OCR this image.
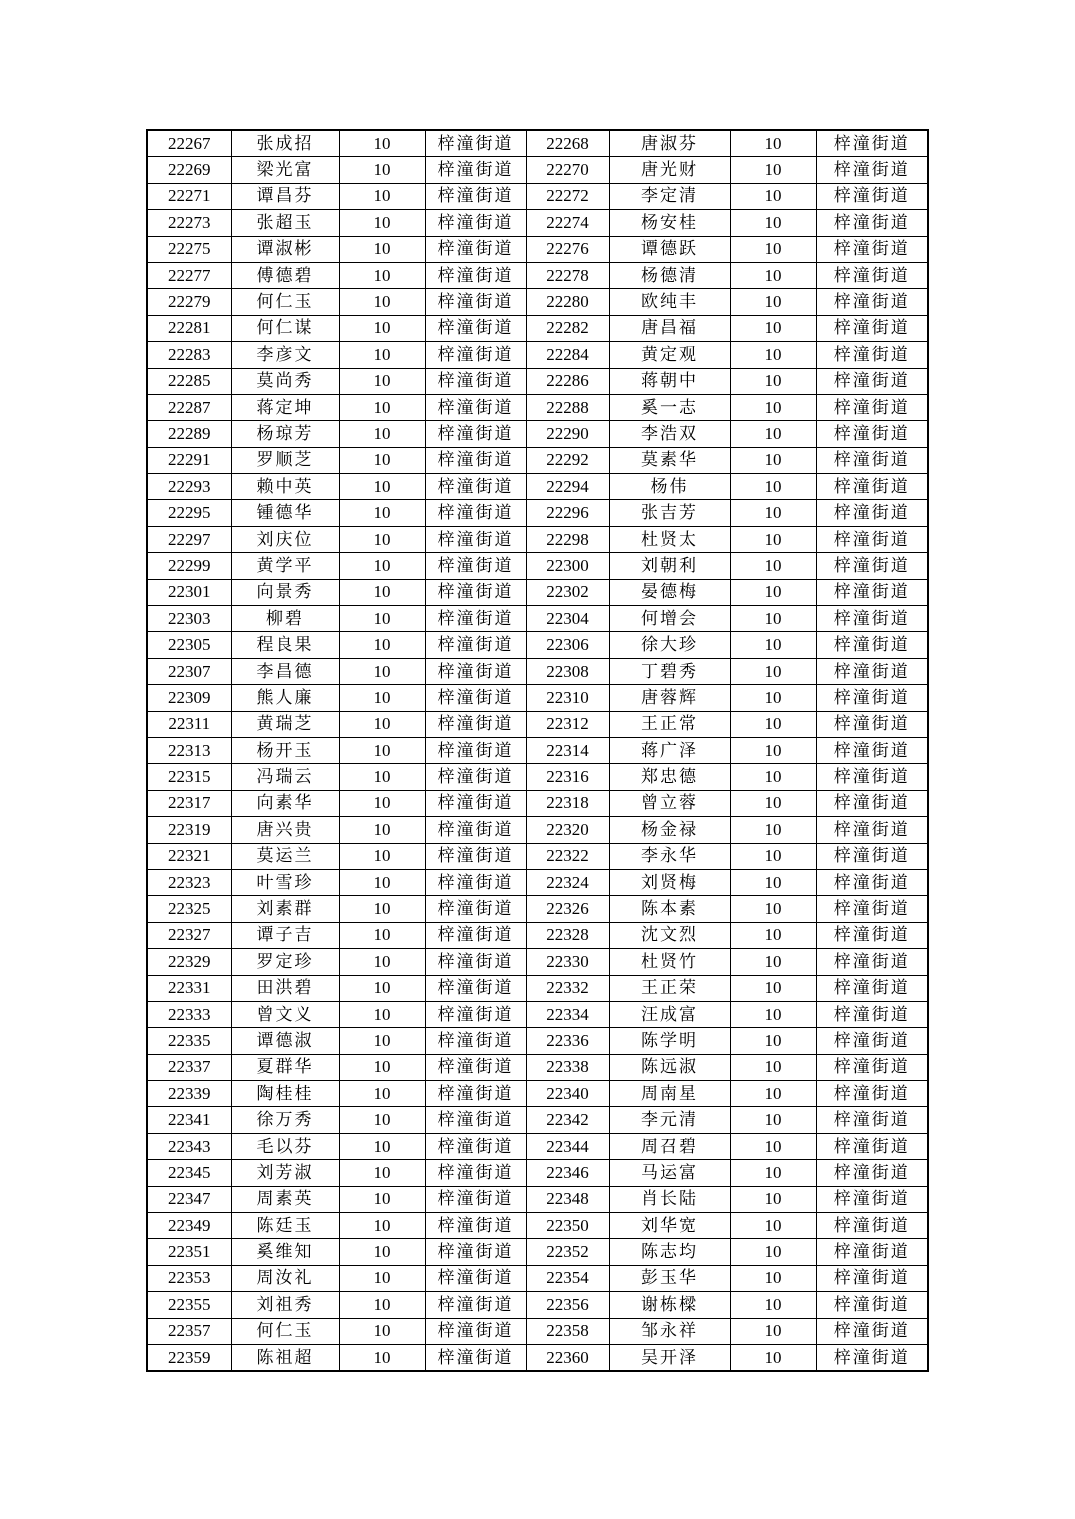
22267	张成招	10	梓潼街道	22268	唐淑芬	10	梓潼街道
22269	梁光富	10	梓潼街道	22270	唐光财	10	梓潼街道
22271	谭昌芬	10	梓潼街道	22272	李定清	10	梓潼街道
22273	张超玉	10	梓潼街道	22274	杨安桂	10	梓潼街道
22275	谭淑彬	10	梓潼街道	22276	谭德跃	10	梓潼街道
22277	傅德碧	10	梓潼街道	22278	杨德清	10	梓潼街道
22279	何仁玉	10	梓潼街道	22280	欧纯丰	10	梓潼街道
22281	何仁谋	10	梓潼街道	22282	唐昌福	10	梓潼街道
22283	李彦文	10	梓潼街道	22284	黄定观	10	梓潼街道
22285	莫尚秀	10	梓潼街道	22286	蒋朝中	10	梓潼街道
22287	蒋定坤	10	梓潼街道	22288	奚一志	10	梓潼街道
22289	杨琼芳	10	梓潼街道	22290	李浩双	10	梓潼街道
22291	罗顺芝	10	梓潼街道	22292	莫素华	10	梓潼街道
22293	赖中英	10	梓潼街道	22294	杨伟	10	梓潼街道
22295	锺德华	10	梓潼街道	22296	张吉芳	10	梓潼街道
22297	刘庆位	10	梓潼街道	22298	杜贤太	10	梓潼街道
22299	黄学平	10	梓潼街道	22300	刘朝利	10	梓潼街道
22301	向景秀	10	梓潼街道	22302	晏德梅	10	梓潼街道
22303	柳碧	10	梓潼街道	22304	何增会	10	梓潼街道
22305	程良果	10	梓潼街道	22306	徐大珍	10	梓潼街道
22307	李昌德	10	梓潼街道	22308	丁碧秀	10	梓潼街道
22309	熊人廉	10	梓潼街道	22310	唐蓉辉	10	梓潼街道
22311	黄瑞芝	10	梓潼街道	22312	王正常	10	梓潼街道
22313	杨开玉	10	梓潼街道	22314	蒋广泽	10	梓潼街道
22315	冯瑞云	10	梓潼街道	22316	郑忠德	10	梓潼街道
22317	向素华	10	梓潼街道	22318	曾立蓉	10	梓潼街道
22319	唐兴贵	10	梓潼街道	22320	杨金禄	10	梓潼街道
22321	莫运兰	10	梓潼街道	22322	李永华	10	梓潼街道
22323	叶雪珍	10	梓潼街道	22324	刘贤梅	10	梓潼街道
22325	刘素群	10	梓潼街道	22326	陈本素	10	梓潼街道
22327	谭子吉	10	梓潼街道	22328	沈文烈	10	梓潼街道
22329	罗定珍	10	梓潼街道	22330	杜贤竹	10	梓潼街道
22331	田洪碧	10	梓潼街道	22332	王正荣	10	梓潼街道
22333	曾文义	10	梓潼街道	22334	汪成富	10	梓潼街道
22335	谭德淑	10	梓潼街道	22336	陈学明	10	梓潼街道
22337	夏群华	10	梓潼街道	22338	陈远淑	10	梓潼街道
22339	陶桂桂	10	梓潼街道	22340	周南星	10	梓潼街道
22341	徐万秀	10	梓潼街道	22342	李元清	10	梓潼街道
22343	毛以芬	10	梓潼街道	22344	周召碧	10	梓潼街道
22345	刘芳淑	10	梓潼街道	22346	马运富	10	梓潼街道
22347	周素英	10	梓潼街道	22348	肖长陆	10	梓潼街道
22349	陈廷玉	10	梓潼街道	22350	刘华宽	10	梓潼街道
22351	奚维知	10	梓潼街道	22352	陈志均	10	梓潼街道
22353	周汝礼	10	梓潼街道	22354	彭玉华	10	梓潼街道
22355	刘祖秀	10	梓潼街道	22356	谢栋樑	10	梓潼街道
22357	何仁玉	10	梓潼街道	22358	邹永祥	10	梓潼街道
22359	陈祖超	10	梓潼街道	22360	吴开泽	10	梓潼街道
